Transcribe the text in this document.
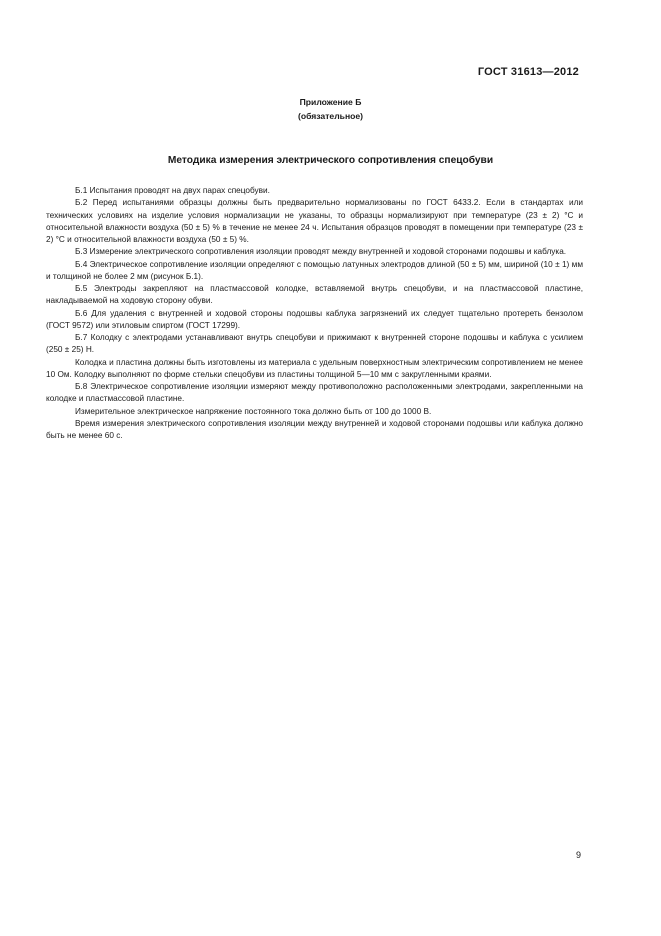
ГОСТ 31613—2012
Приложение Б
(обязательное)
Методика измерения электрического сопротивления спецобуви

Б.1 Испытания проводят на двух парах спецобуви.

Б.2 Перед испытаниями образцы должны быть предварительно нормализованы по ГОСТ 6433.2. Если в стандартах или технических условиях на изделие условия нормализации не указаны, то образцы нормализируют при температуре (23 ± 2) °С и относительной влажности воздуха (50 ± 5) % в течение не менее 24 ч. Испытания образцов проводят в помещении при температуре (23 ± 2) °С и относительной влажности воздуха (50 ± 5) %.

Б.3 Измерение электрического сопротивления изоляции проводят между внутренней и ходовой сторонами подошвы и каблука.

Б.4 Электрическое сопротивление изоляции определяют с помощью латунных электродов длиной (50 ± 5) мм, шириной (10 ± 1) мм и толщиной не более 2 мм (рисунок Б.1).

Б.5 Электроды закрепляют на пластмассовой колодке, вставляемой внутрь спецобуви, и на пластмассовой пластине, накладываемой на ходовую сторону обуви.

Б.6 Для удаления с внутренней и ходовой стороны подошвы каблука загрязнений их следует тщательно протереть бензолом (ГОСТ 9572) или этиловым спиртом (ГОСТ 17299).

Б.7 Колодку с электродами устанавливают внутрь спецобуви и прижимают к внутренней стороне подошвы и каблука с усилием (250 ± 25) Н.

Колодка и пластина должны быть изготовлены из материала с удельным поверхностным электрическим сопротивлением не менее 10 Ом. Колодку выполняют по форме стельки спецобуви из пластины толщиной 5—10 мм с закругленными краями.

Б.8 Электрическое сопротивление изоляции измеряют между противоположно расположенными электродами, закрепленными на колодке и пластмассовой пластине.

Измерительное электрическое напряжение постоянного тока должно быть от 100 до 1000 В.

Время измерения электрического сопротивления изоляции между внутренней и ходовой сторонами подошвы или каблука должно быть не менее 60 с.

9
